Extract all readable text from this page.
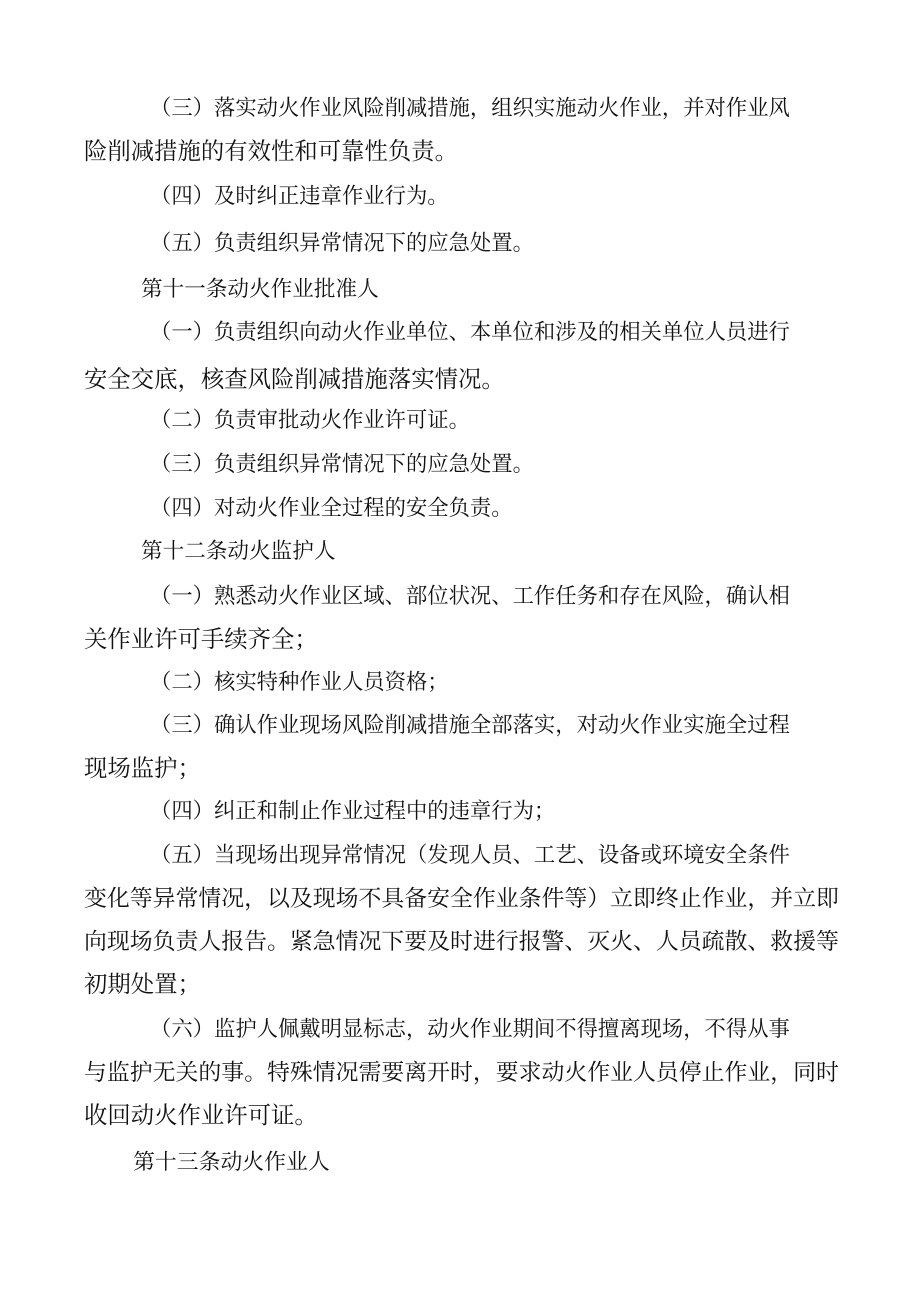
（三）落实动火作业风险削减措施，组织实施动火作业，并对作业风
险削减措施的有效性和可靠性负责。
（四）及时纠正违章作业行为。
（五）负责组织异常情况下的应急处置。
第十一条动火作业批准人
（一）负责组织向动火作业单位、本单位和涉及的相关单位人员进行
安全交底，核查风险削减措施落实情况。
（二）负责审批动火作业许可证。
（三）负责组织异常情况下的应急处置。
（四）对动火作业全过程的安全负责。
第十二条动火监护人
（一）熟悉动火作业区域、部位状况、工作任务和存在风险，确认相
关作业许可手续齐全；
（二）核实特种作业人员资格；
（三）确认作业现场风险削减措施全部落实，对动火作业实施全过程
现场监护；
（四）纠正和制止作业过程中的违章行为；
（五）当现场出现异常情况（发现人员、工艺、设备或环境安全条件
变化等异常情况，以及现场不具备安全作业条件等）立即终止作业，并立即
向现场负责人报告。紧急情况下要及时进行报警、灭火、人员疏散、救援等
初期处置；
（六）监护人佩戴明显标志，动火作业期间不得擅离现场，不得从事
与监护无关的事。特殊情况需要离开时，要求动火作业人员停止作业，同时
收回动火作业许可证。
第十三条动火作业人
